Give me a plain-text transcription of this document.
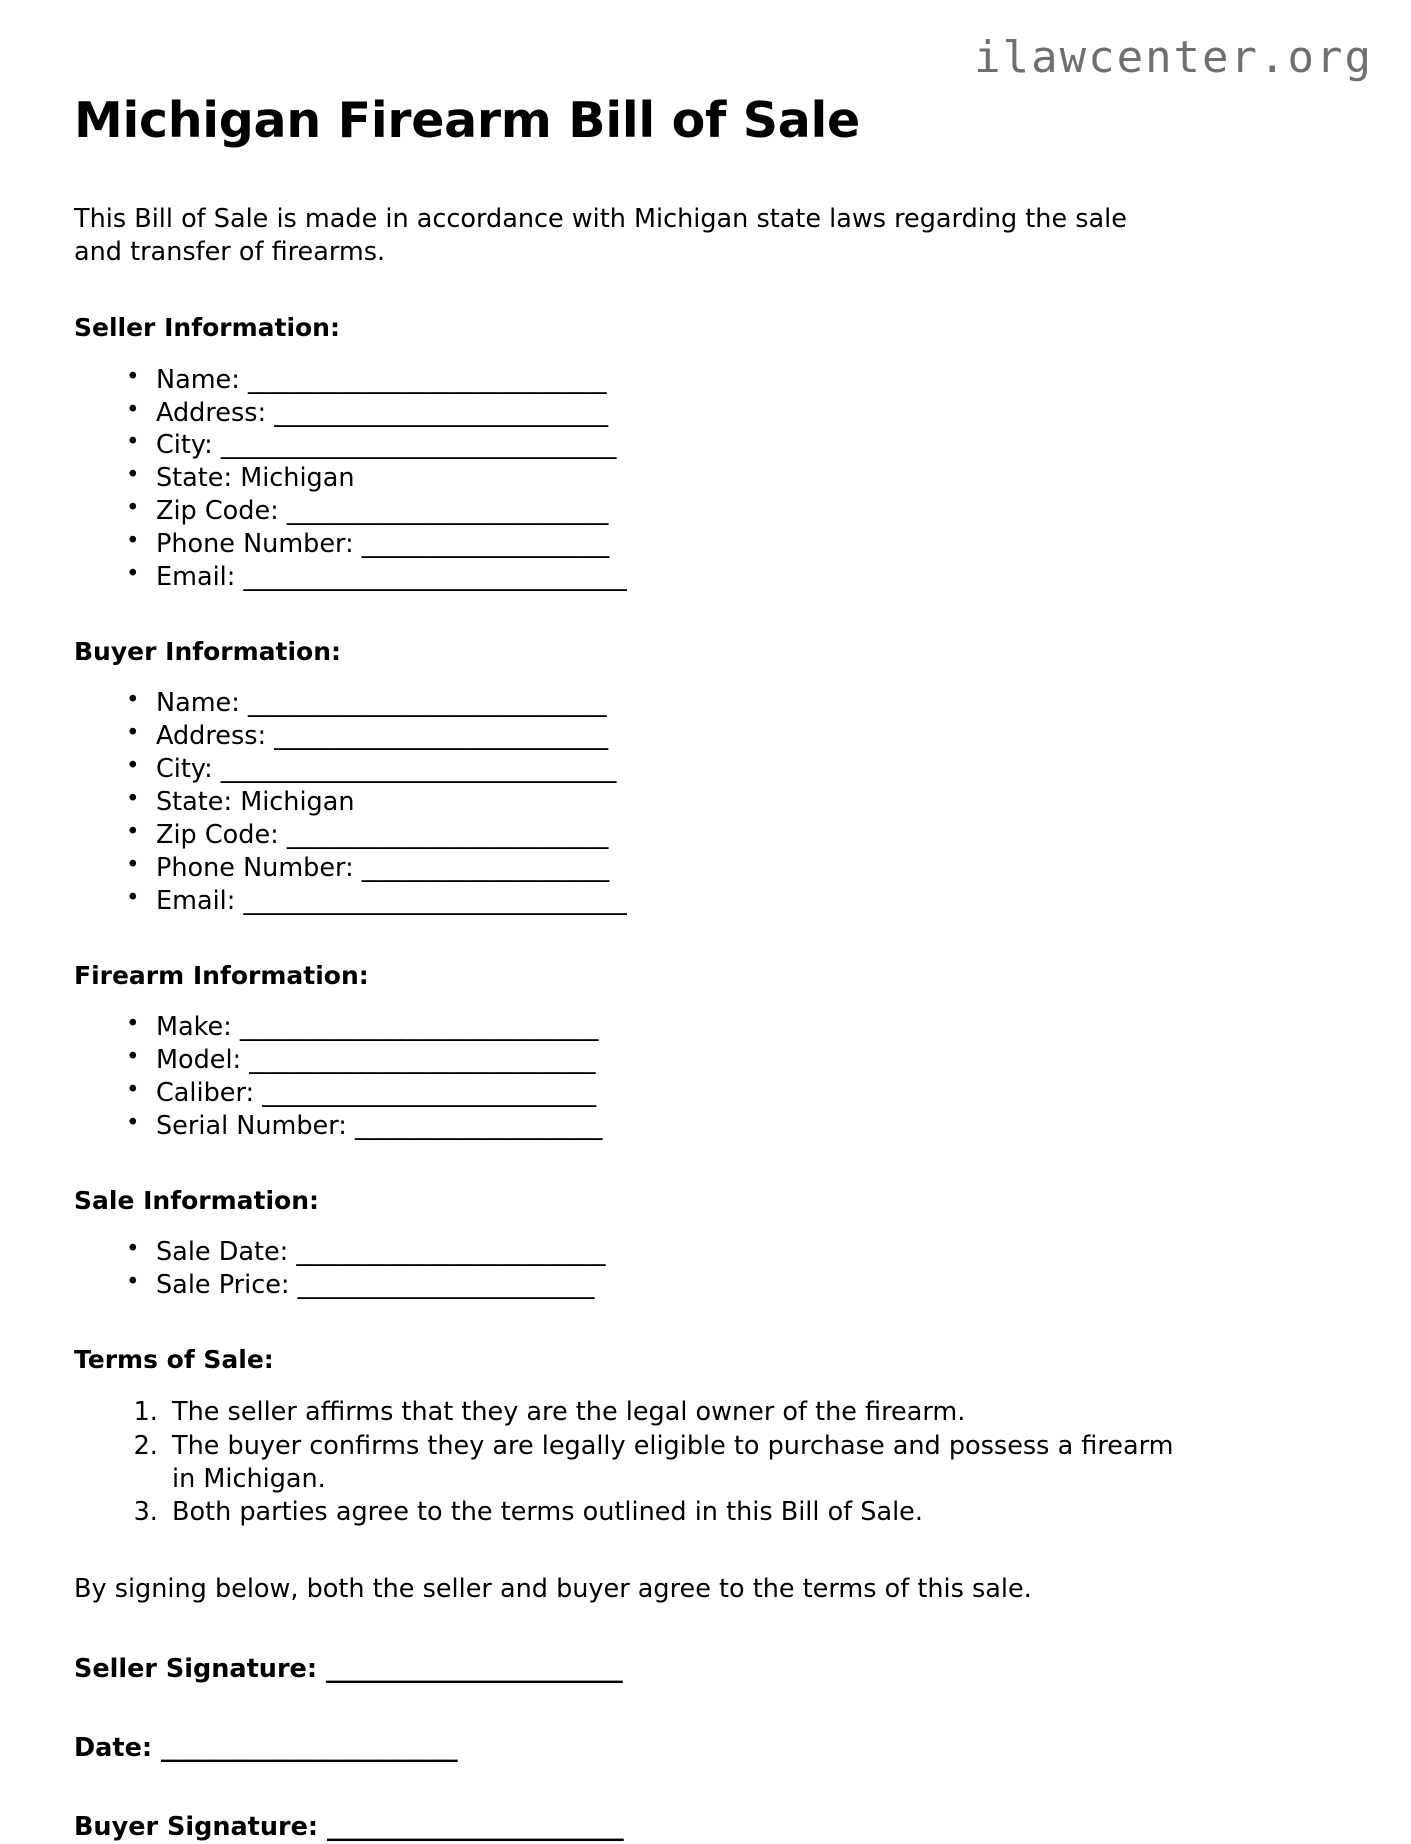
ilawcenter.org
Michigan Firearm Bill of Sale

This Bill of Sale is made in accordance with Michigan state laws regarding the sale and transfer of firearms.

Seller Information:
• Name: _____________________________
• Address: ___________________________
• City: ________________________________
• State: Michigan
• Zip Code: __________________________
• Phone Number: ____________________
• Email: _______________________________
Buyer Information:
• Name: _____________________________
• Address: ___________________________
• City: ________________________________
• State: Michigan
• Zip Code: __________________________
• Phone Number: ____________________
• Email: _______________________________
Firearm Information:
• Make: _____________________________
• Model: ____________________________
• Caliber: ___________________________
• Serial Number: ____________________
Sale Information:
• Sale Date: _________________________
• Sale Price: ________________________
Terms of Sale:
1. The seller affirms that they are the legal owner of the firearm.
2. The buyer confirms they are legally eligible to purchase and possess a firearm in Michigan.
3. Both parties agree to the terms outlined in this Bill of Sale.

By signing below, both the seller and buyer agree to the terms of this sale.

Seller Signature: ________________________
Date: ________________________
Buyer Signature: ________________________
